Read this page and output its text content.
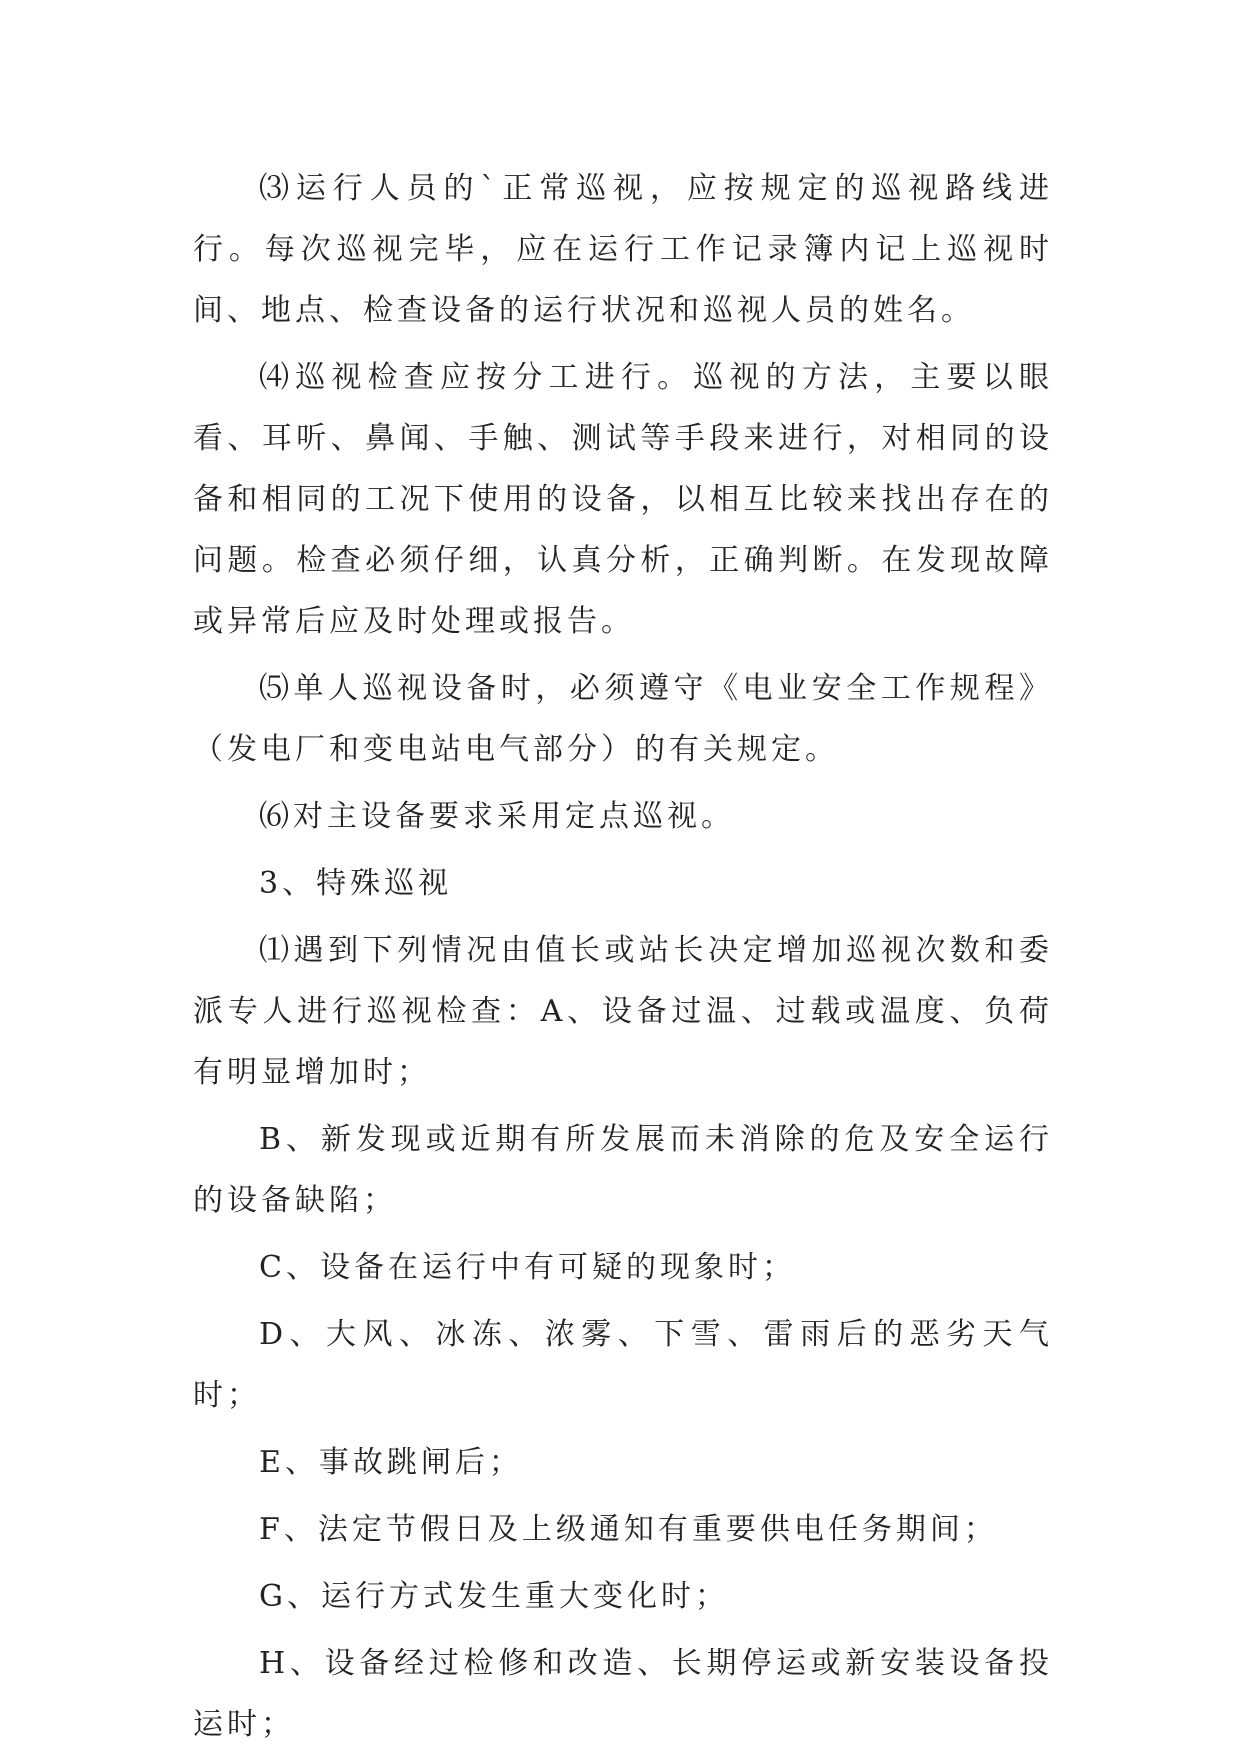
⑶运行人员的`正常巡视，应按规定的巡视路线进行。每次巡视完毕，应在运行工作记录簿内记上巡视时间、地点、检查设备的运行状况和巡视人员的姓名。

⑷巡视检查应按分工进行。巡视的方法，主要以眼看、耳听、鼻闻、手触、测试等手段来进行，对相同的设备和相同的工况下使用的设备，以相互比较来找出存在的问题。检查必须仔细，认真分析，正确判断。在发现故障或异常后应及时处理或报告。

⑸单人巡视设备时，必须遵守《电业安全工作规程》（发电厂和变电站电气部分）的有关规定。

⑹对主设备要求采用定点巡视。

3、特殊巡视

⑴遇到下列情况由值长或站长决定增加巡视次数和委派专人进行巡视检查：A、设备过温、过载或温度、负荷有明显增加时；

B、新发现或近期有所发展而未消除的危及安全运行的设备缺陷；

C、设备在运行中有可疑的现象时；

D、大风、冰冻、浓雾、下雪、雷雨后的恶劣天气时；

E、事故跳闸后；

F、法定节假日及上级通知有重要供电任务期间；

G、运行方式发生重大变化时；

H、设备经过检修和改造、长期停运或新安装设备投运时；
